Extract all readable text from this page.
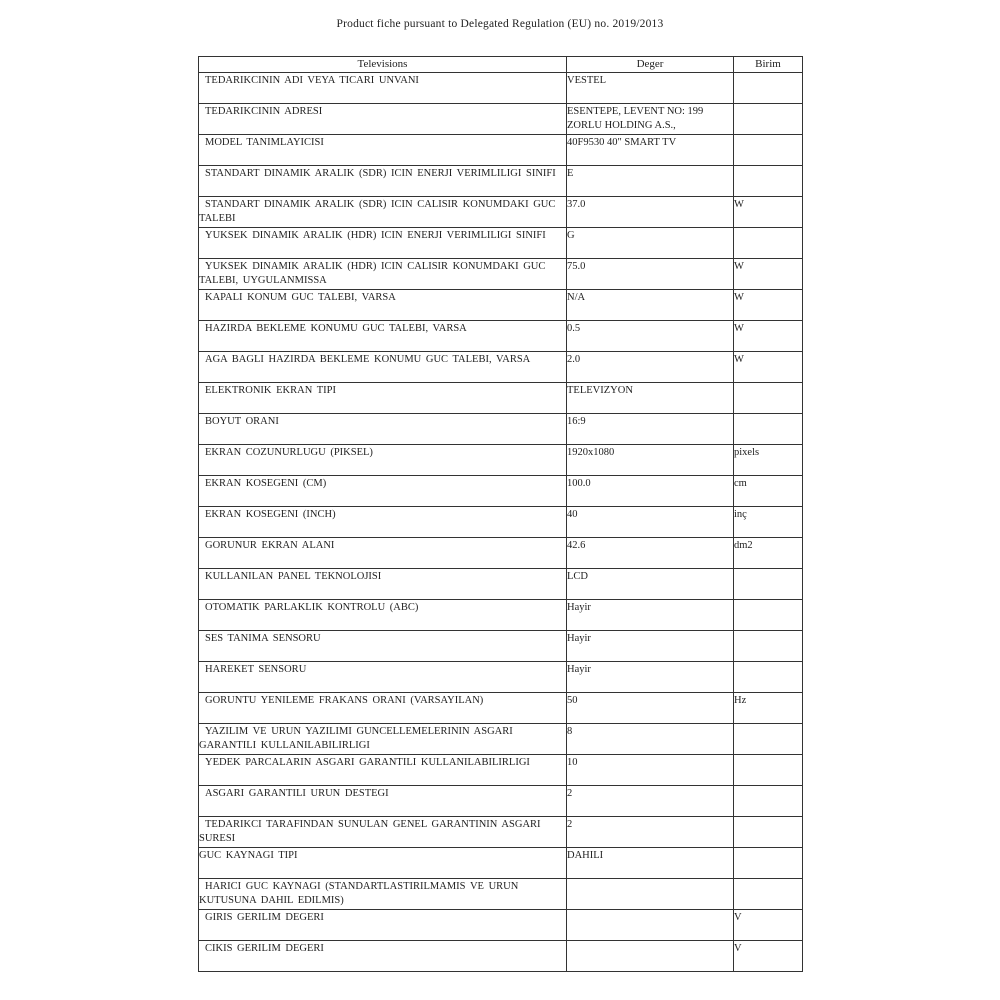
Product fiche pursuant to Delegated Regulation (EU) no. 2019/2013
Televisions	Deger	Birim

TEDARIKCININ ADI VEYA TICARI UNVANI	VESTEL	

TEDARIKCININ ADRESI	ESENTEPE, LEVENT NO: 199 ZORLU HOLDING A.S.,	

MODEL TANIMLAYICISI	40F9530 40" SMART TV	

STANDART DINAMIK ARALIK (SDR) ICIN ENERJI VERIMLILIGI SINIFI	E	

STANDART DINAMIK ARALIK (SDR) ICIN CALISIR KONUMDAKI GUC TALEBI	37.0	W

YUKSEK DINAMIK ARALIK (HDR) ICIN ENERJI VERIMLILIGI SINIFI	G	

YUKSEK DINAMIK ARALIK (HDR) ICIN CALISIR KONUMDAKI GUC TALEBI, UYGULANMISSA	75.0	W

KAPALI KONUM GUC TALEBI, VARSA	N/A	W

HAZIRDA BEKLEME KONUMU GUC TALEBI, VARSA	0.5	W

AGA BAGLI HAZIRDA BEKLEME KONUMU GUC TALEBI, VARSA	2.0	W

ELEKTRONIK EKRAN TIPI	TELEVIZYON	

BOYUT ORANI	16:9	

EKRAN COZUNURLUGU (PIKSEL)	1920x1080	pixels

EKRAN KOSEGENI (CM)	100.0	cm

EKRAN KOSEGENI (INCH)	40	inç

GORUNUR EKRAN ALANI	42.6	dm2

KULLANILAN PANEL TEKNOLOJISI	LCD	

OTOMATIK PARLAKLIK KONTROLU (ABC)	Hayir	

SES TANIMA SENSORU	Hayir	

HAREKET SENSORU	Hayir	

GORUNTU YENILEME FRAKANS ORANI (VARSAYILAN)	50	Hz

YAZILIM VE URUN YAZILIMI GUNCELLEMELERININ ASGARI GARANTILI KULLANILABILIRLIGI	8	

YEDEK PARCALARIN ASGARI GARANTILI KULLANILABILIRLIGI	10	

ASGARI GARANTILI URUN DESTEGI	2	

TEDARIKCI TARAFINDAN SUNULAN GENEL GARANTININ ASGARI SURESI	2	

GUC KAYNAGI TIPI	DAHILI	

HARICI GUC KAYNAGI (STANDARTLASTIRILMAMIS VE URUN KUTUSUNA DAHIL EDILMIS)		

GIRIS GERILIM DEGERI		V

CIKIS GERILIM DEGERI		V
